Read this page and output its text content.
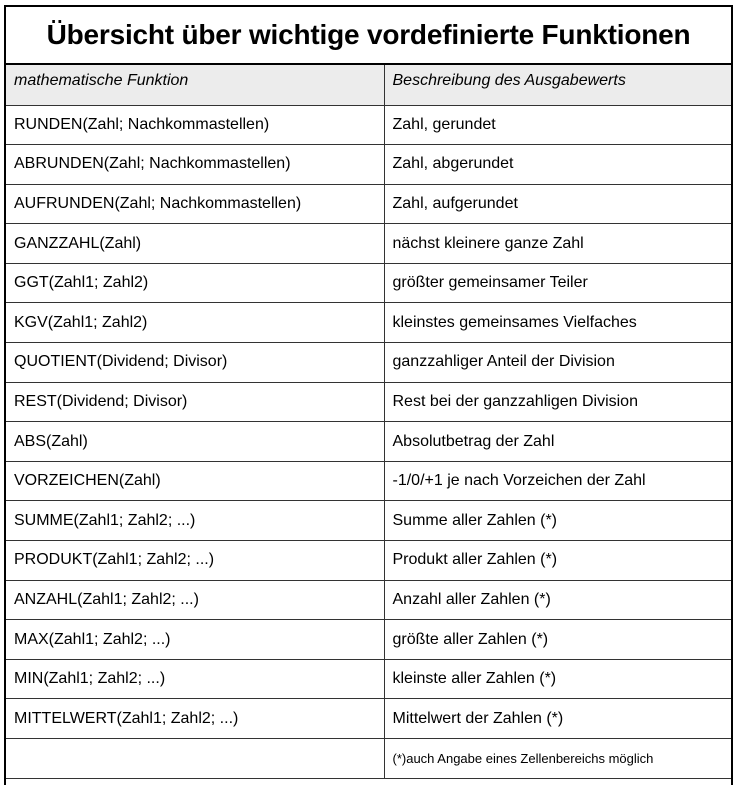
Übersicht über wichtige vordefinierte Funktionen
mathematische Funktion	Beschreibung des Ausgabewerts
RUNDEN(Zahl; Nachkommastellen)	Zahl, gerundet
ABRUNDEN(Zahl; Nachkommastellen)	Zahl, abgerundet
AUFRUNDEN(Zahl; Nachkommastellen)	Zahl, aufgerundet
GANZZAHL(Zahl)	nächst kleinere ganze Zahl
GGT(Zahl1; Zahl2)	größter gemeinsamer Teiler
KGV(Zahl1; Zahl2)	kleinstes gemeinsames Vielfaches
QUOTIENT(Dividend; Divisor)	ganzzahliger Anteil der Division
REST(Dividend; Divisor)	Rest bei der ganzzahligen Division
ABS(Zahl)	Absolutbetrag der Zahl
VORZEICHEN(Zahl)	-1/0/+1 je nach Vorzeichen der Zahl
SUMME(Zahl1; Zahl2; ...)	Summe aller Zahlen (*)
PRODUKT(Zahl1; Zahl2; ...)	Produkt aller Zahlen (*)
ANZAHL(Zahl1; Zahl2; ...)	Anzahl aller Zahlen (*)
MAX(Zahl1; Zahl2; ...)	größte aller Zahlen (*)
MIN(Zahl1; Zahl2; ...)	kleinste aller Zahlen (*)
MITTELWERT(Zahl1; Zahl2; ...)	Mittelwert der Zahlen (*)
	(*)auch Angabe eines Zellenbereichs möglich
